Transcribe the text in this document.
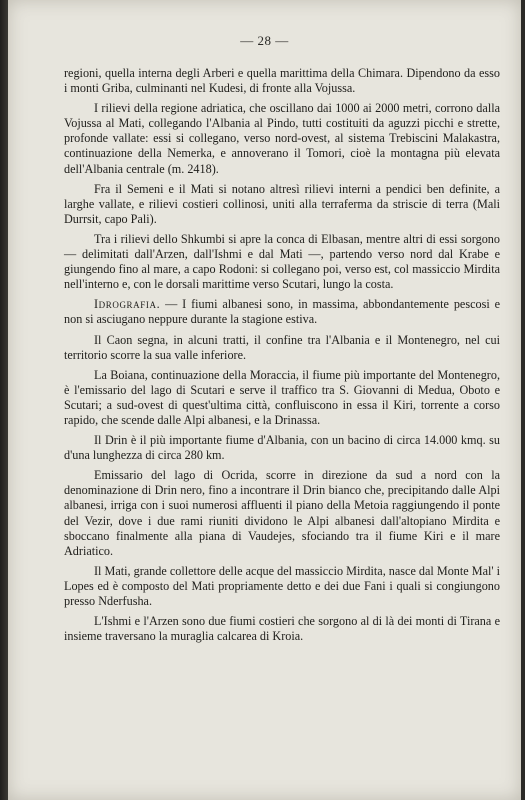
— 28 —

regioni, quella interna degli Arberi e quella marittima della Chimara. Dipendono da esso i monti Griba, culminanti nel Kudesi, di fronte alla Vojussa.

I rilievi della regione adriatica, che oscillano dai 1000 ai 2000 metri, corrono dalla Vojussa al Mati, collegando l'Albania al Pindo, tutti costituiti da aguzzi picchi e strette, profonde vallate: essi si collegano, verso nord-ovest, al sistema Trebiscini Malakastra, continuazione della Nemerka, e annoverano il Tomori, cioè la montagna più elevata dell'Albania centrale (m. 2418).

Fra il Semeni e il Mati si notano altresì rilievi interni a pendici ben definite, a larghe vallate, e rilievi costieri collinosi, uniti alla terraferma da striscie di terra (Mali Durrsit, capo Pali).

Tra i rilievi dello Shkumbi si apre la conca di Elbasan, mentre altri di essi sorgono — delimitati dall'Arzen, dall'Ishmi e dal Mati —, partendo verso nord dal Krabe e giungendo fino al mare, a capo Rodoni: si collegano poi, verso est, col massiccio Mirdita nell'interno e, con le dorsali marittime verso Scutari, lungo la costa.

Idrografia. — I fiumi albanesi sono, in massima, abbondantemente pescosi e non si asciugano neppure durante la stagione estiva.

Il Caon segna, in alcuni tratti, il confine tra l'Albania e il Montenegro, nel cui territorio scorre la sua valle inferiore.

La Boiana, continuazione della Moraccia, il fiume più importante del Montenegro, è l'emissario del lago di Scutari e serve il traffico tra S. Giovanni di Medua, Oboto e Scutari; a sud-ovest di quest'ultima città, confluiscono in essa il Kiri, torrente a corso rapido, che scende dalle Alpi albanesi, e la Drinassa.

Il Drin è il più importante fiume d'Albania, con un bacino di circa 14.000 kmq. su d'una lunghezza di circa 280 km.

Emissario del lago di Ocrida, scorre in direzione da sud a nord con la denominazione di Drin nero, fino a incontrare il Drin bianco che, precipitando dalle Alpi albanesi, irriga con i suoi numerosi affluenti il piano della Metoia raggiungendo il ponte del Vezir, dove i due rami riuniti dividono le Alpi albanesi dall'altopiano Mirdita e sboccano finalmente alla piana di Vaudejes, sfociando tra il fiume Kiri e il mare Adriatico.

Il Mati, grande collettore delle acque del massiccio Mirdita, nasce dal Monte Mal' i Lopes ed è composto del Mati propriamente detto e dei due Fani i quali si congiungono presso Nderfusha.

L'Ishmi e l'Arzen sono due fiumi costieri che sorgono al di là dei monti di Tirana e insieme traversano la muraglia calcarea di Kroia.
